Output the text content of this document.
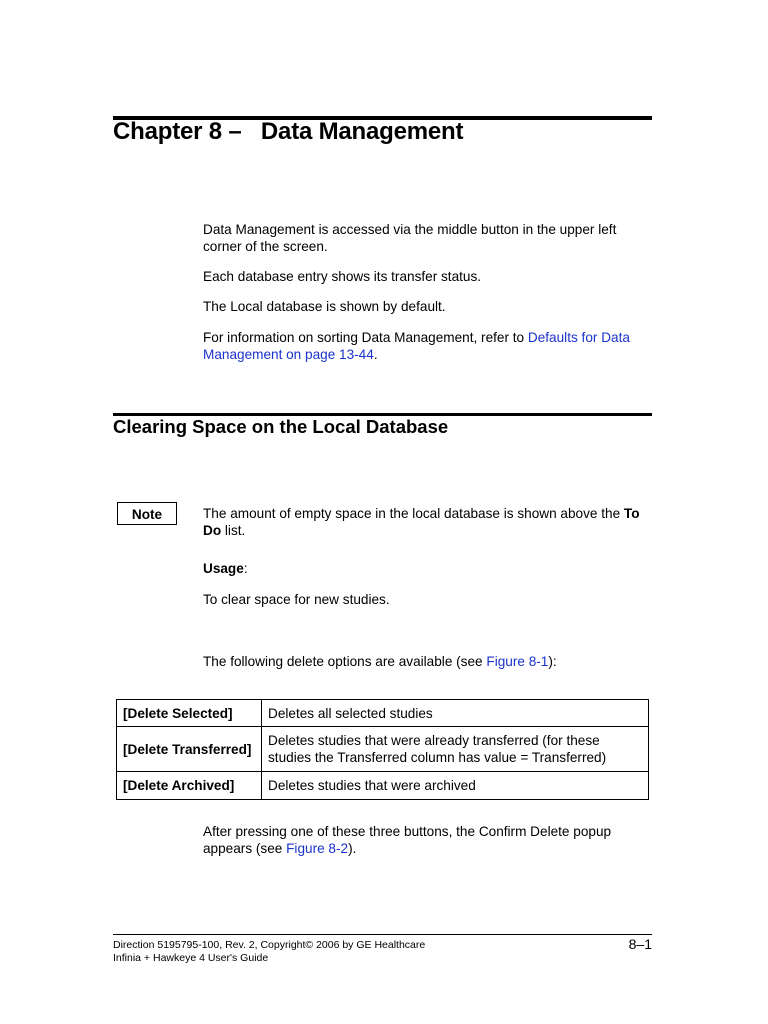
Chapter 8 –   Data Management
Data Management is accessed via the middle button in the upper left corner of the screen.
Each database entry shows its transfer status.
The Local database is shown by default.
For information on sorting Data Management, refer to Defaults for Data Management on page 13-44.
Clearing Space on the Local Database
Note	The amount of empty space in the local database is shown above the To Do list.
Usage:
To clear space for new studies.
The following delete options are available (see Figure 8-1):
[Delete Selected]	Deletes all selected studies
[Delete Transferred]	Deletes studies that were already transferred (for these studies the Transferred column has value = Transferred)
[Delete Archived]	Deletes studies that were archived
After pressing one of these three buttons, the Confirm Delete popup appears (see Figure 8-2).
Direction 5195795-100, Rev. 2, Copyright© 2006 by GE Healthcare
Infinia + Hawkeye 4 User's Guide
8–1
